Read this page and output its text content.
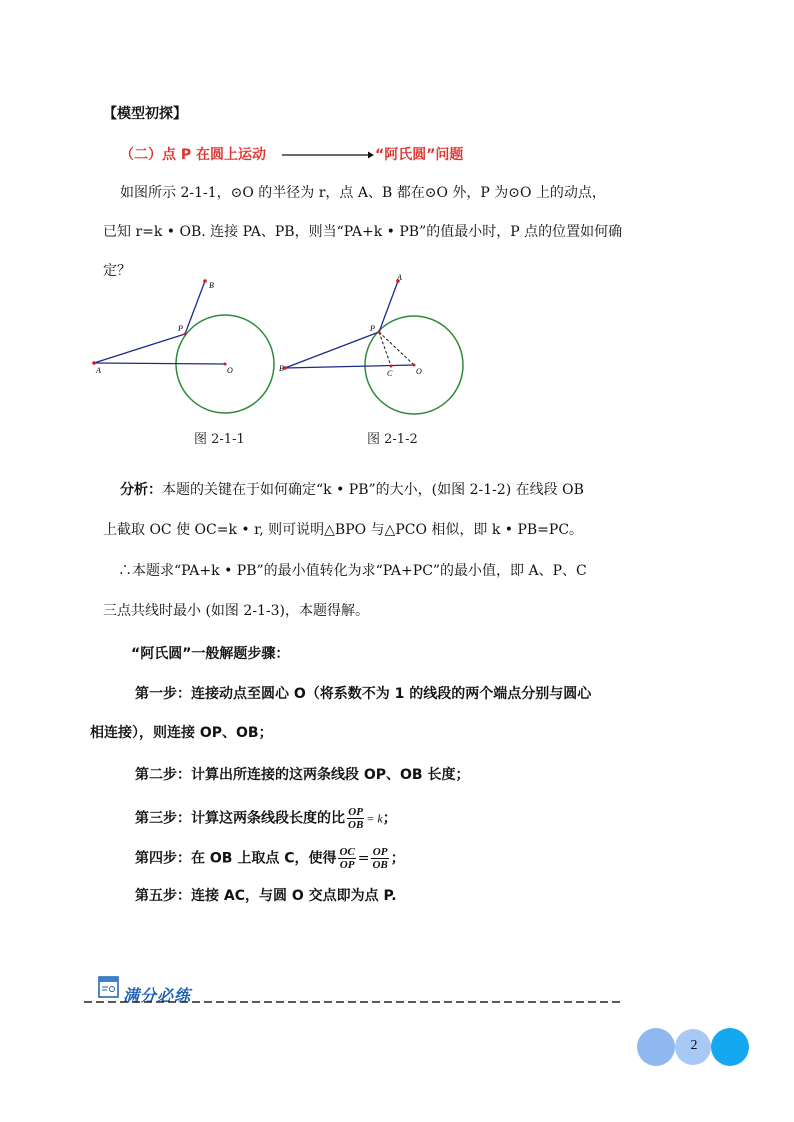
【模型初探】
（二）点 P 在圆上运动	“阿氏圆”问题
如图所示 2-1-1，⊙O 的半径为 r，点 A、B 都在⊙O 外，P 为⊙O 上的动点，
已知 r=k • OB. 连接 PA、PB，则当“PA+k • PB”的值最小时，P 点的位置如何确
定？
A
B
P
O
图 2-1-1
B
A
P
C	O
图 2-1-2
分析：本题的关键在于如何确定“k • PB”的大小，(如图 2-1-2) 在线段 OB
上截取 OC 使 OC=k • r, 则可说明△BPO 与△PCO 相似，即 k • PB=PC。
∴本题求“PA+k • PB”的最小值转化为求“PA+PC”的最小值，即 A、P、C
三点共线时最小 (如图 2-1-3)，本题得解。
“阿氏圆”一般解题步骤：
第一步：连接动点至圆心 O（将系数不为 1 的线段的两个端点分别与圆心
相连接），则连接 OP、OB；
第二步：计算出所连接的这两条线段 OP、OB 长度；
第三步：计算这两条线段长度的比 $\frac{OP}{OB} = k$；
第四步：在 OB 上取点 C，使得 $\frac{OC}{OP} = \frac{OP}{OB}$ ；
第五步：连接 AC，与圆 O 交点即为点 P.
满分必练
2
